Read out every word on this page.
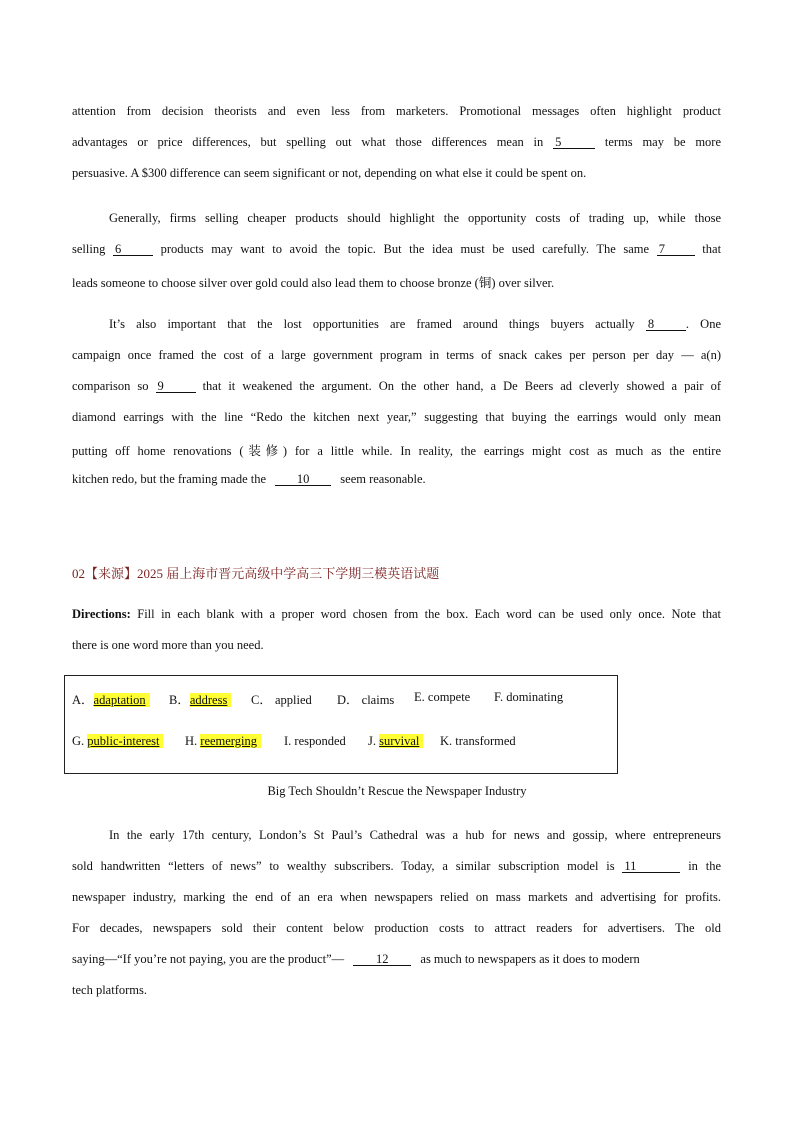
attention from decision theorists and even less from marketers. Promotional messages often highlight product
advantages or price differences, but spelling out what those differences mean in 5	terms may be more
persuasive. A $300 difference can seem significant or not, depending on what else it could be spent on.
Generally, firms selling cheaper products should highlight the opportunity costs of trading up, while those
selling 6	products may want to avoid the topic. But the idea must be used carefully. The same 7	that
leads someone to choose silver over gold could also lead them to choose bronze (铜) over silver.
It’s also important that the lost opportunities are framed around things buyers actually 8	. One
campaign once framed the cost of a large government program in terms of snack cakes per person per day — a(n)
comparison so 9	that it weakened the argument. On the other hand, a De Beers ad cleverly showed a pair of
diamond earrings with the line “Redo the kitchen next year,” suggesting that buying the earrings would only mean
putting off home renovations (装修) for a little while. In reality, the earrings might cost as much as the entire
kitchen redo, but the framing made the 10 seem reasonable.
02【来源】2025 届上海市晋元高级中学高三下学期三模英语试题
Directions: Fill in each blank with a proper word chosen from the box. Each word can be used only once. Note that
there is one word more than you need.
A．adaptation	B．address	C． applied D． claims E. compete F. dominating
G. public-interest	H. reemerging	I. responded J. survival	K. transformed
Big Tech Shouldn’t Rescue the Newspaper Industry
In the early 17th century, London’s St Paul’s Cathedral was a hub for news and gossip, where entrepreneurs
sold handwritten “letters of news” to wealthy subscribers. Today, a similar subscription model is 11	in the
newspaper industry, marking the end of an era when newspapers relied on mass markets and advertising for profits.
For decades, newspapers sold their content below production costs to attract readers for advertisers. The old
saying—“If you’re not paying, you are the product”—	12	as much to newspapers as it does to modern
tech platforms.
